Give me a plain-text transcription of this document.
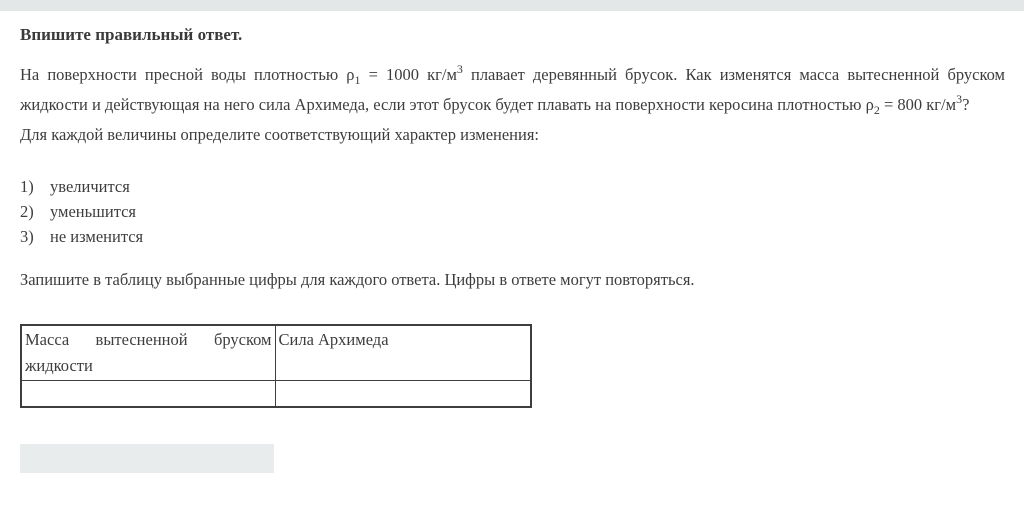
Впишите правильный ответ.

На поверхности пресной воды плотностью $\rho_1 = 1000$ $кг/м^3$ плавает деревянный брусок. Как изменятся масса вытесненной бруском жидкости и действующая на него сила Архимеда, если этот брусок будет плавать на поверхности керосина плотностью $\rho_2 = 800$ $кг/м^3$?

Для каждой величины определите соответствующий характер изменения:

1) увеличится
2) уменьшится
3) не изменится

Запишите в таблицу выбранные цифры для каждого ответа. Цифры в ответе могут повторяться.

Масса вытесненной бруском жидкости	Сила Архимеда
